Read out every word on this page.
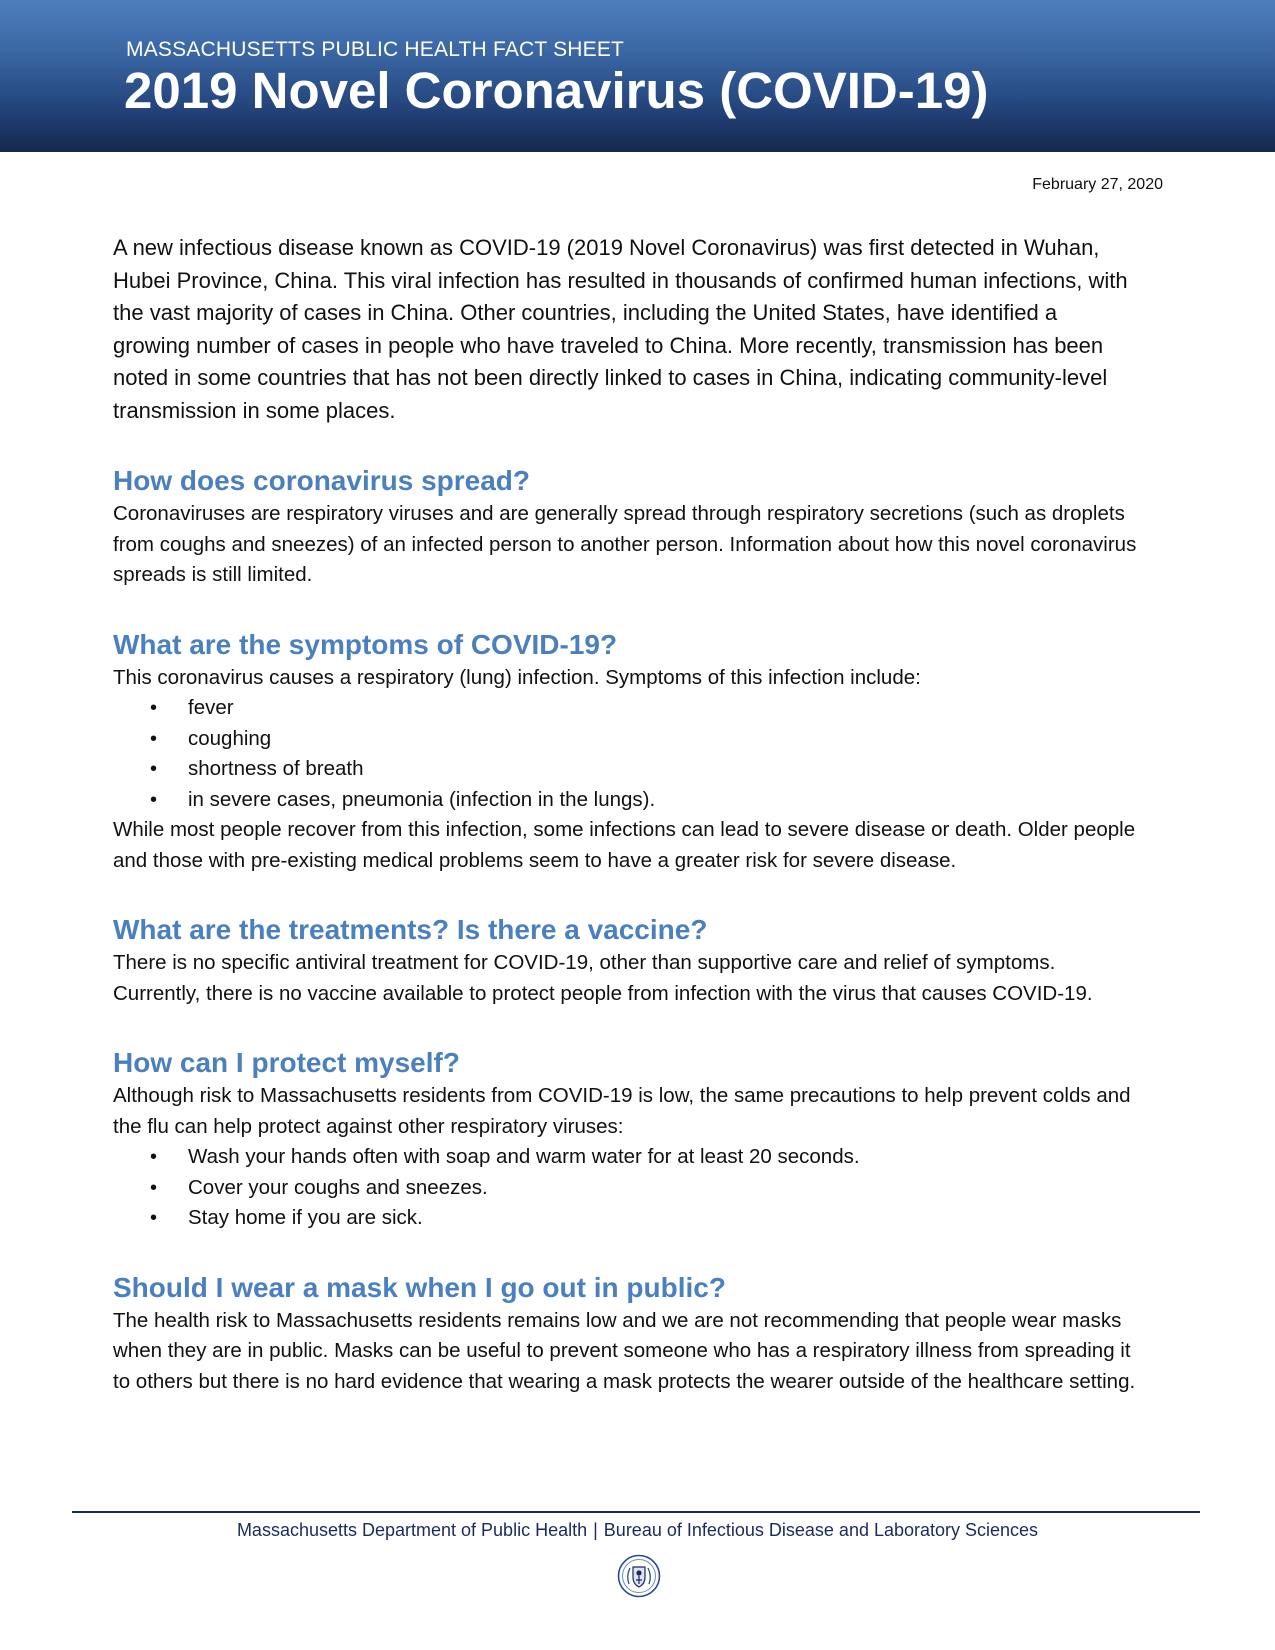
MASSACHUSETTS PUBLIC HEALTH FACT SHEET
2019 Novel Coronavirus (COVID-19)
February 27, 2020

A new infectious disease known as COVID-19 (2019 Novel Coronavirus) was first detected in Wuhan, Hubei Province, China. This viral infection has resulted in thousands of confirmed human infections, with the vast majority of cases in China. Other countries, including the United States, have identified a growing number of cases in people who have traveled to China. More recently, transmission has been noted in some countries that has not been directly linked to cases in China, indicating community-level transmission in some places.

How does coronavirus spread?

Coronaviruses are respiratory viruses and are generally spread through respiratory secretions (such as droplets from coughs and sneezes) of an infected person to another person. Information about how this novel coronavirus spreads is still limited.

What are the symptoms of COVID-19?

This coronavirus causes a respiratory (lung) infection. Symptoms of this infection include:

• fever
• coughing
• shortness of breath
• in severe cases, pneumonia (infection in the lungs).

While most people recover from this infection, some infections can lead to severe disease or death. Older people and those with pre-existing medical problems seem to have a greater risk for severe disease.

What are the treatments? Is there a vaccine?

There is no specific antiviral treatment for COVID-19, other than supportive care and relief of symptoms. Currently, there is no vaccine available to protect people from infection with the virus that causes COVID-19.

How can I protect myself?

Although risk to Massachusetts residents from COVID-19 is low, the same precautions to help prevent colds and the flu can help protect against other respiratory viruses:

• Wash your hands often with soap and warm water for at least 20 seconds.
• Cover your coughs and sneezes.
• Stay home if you are sick.
Should I wear a mask when I go out in public?

The health risk to Massachusetts residents remains low and we are not recommending that people wear masks when they are in public. Masks can be useful to prevent someone who has a respiratory illness from spreading it to others but there is no hard evidence that wearing a mask protects the wearer outside of the healthcare setting.

Massachusetts Department of Public Health | Bureau of Infectious Disease and Laboratory Sciences
